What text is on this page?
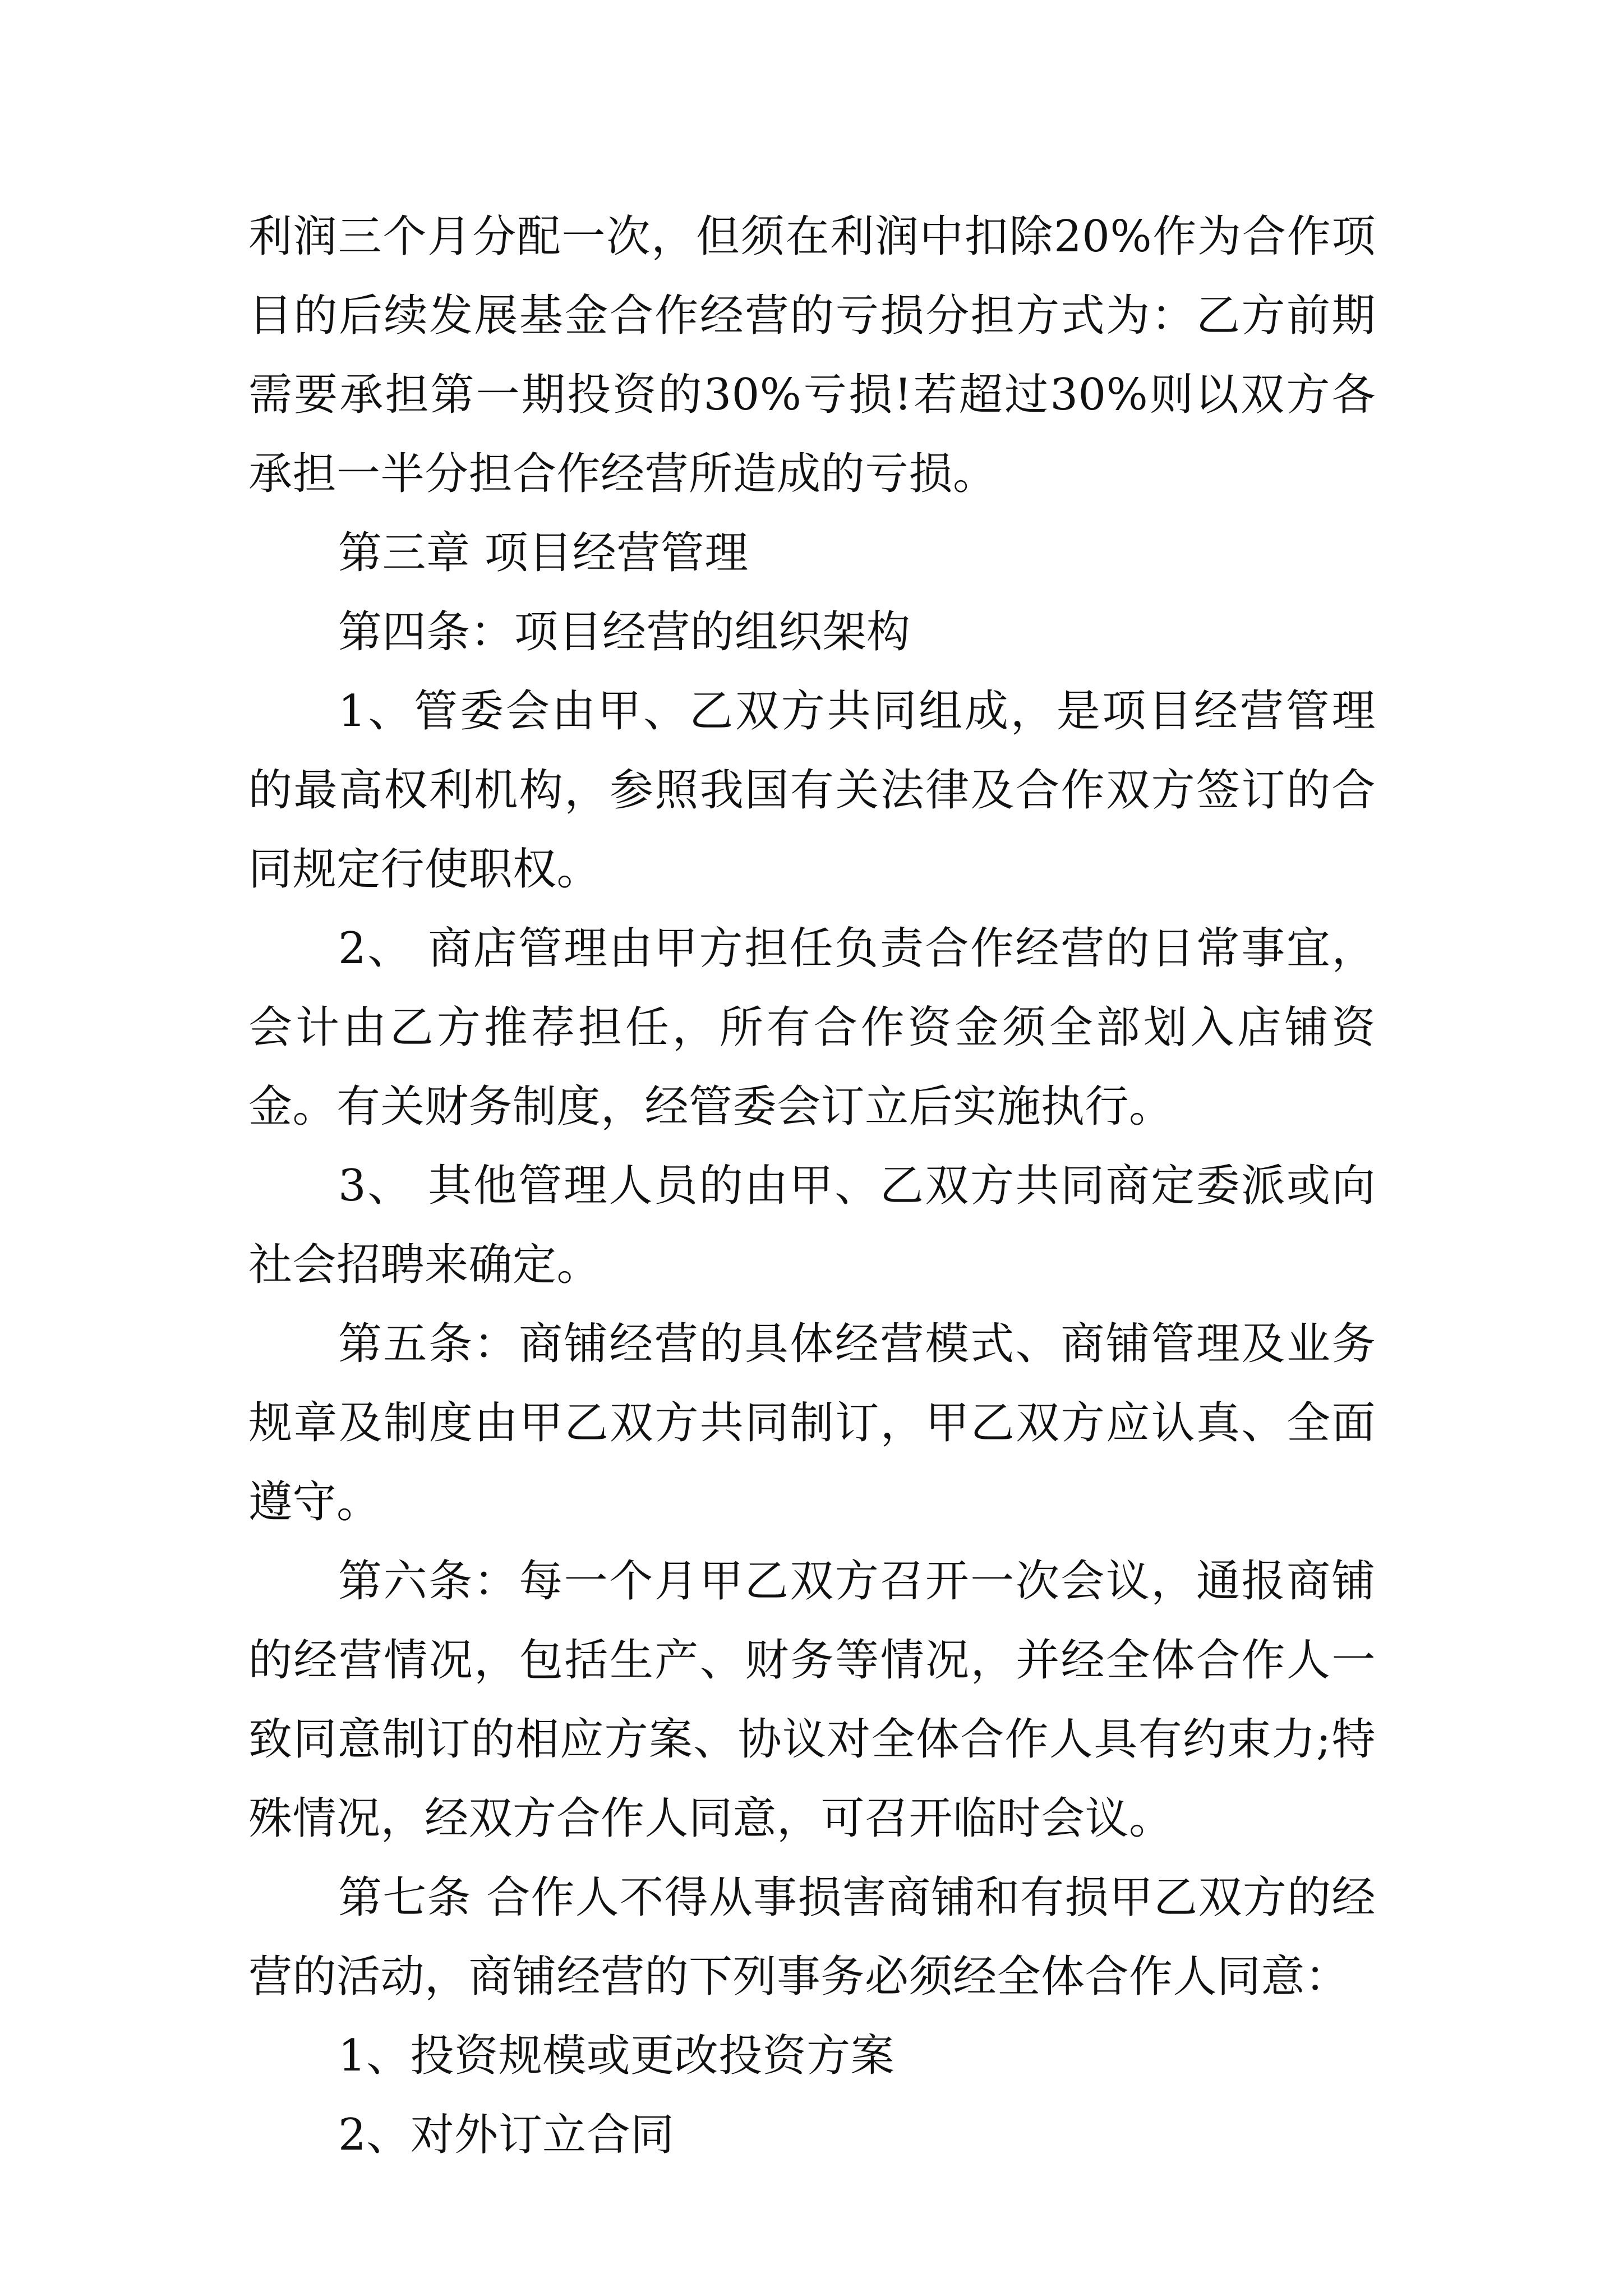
利润三个月分配一次，但须在利润中扣除20%作为合作项目的后续发展基金合作经营的亏损分担方式为：乙方前期需要承担第一期投资的30%亏损!若超过30%则以双方各承担一半分担合作经营所造成的亏损。

第三章 项目经营管理

第四条：项目经营的组织架构

1、管委会由甲、乙双方共同组成，是项目经营管理的最高权利机构，参照我国有关法律及合作双方签订的合同规定行使职权。

2、 商店管理由甲方担任负责合作经营的日常事宜，会计由乙方推荐担任，所有合作资金须全部划入店铺资金。有关财务制度，经管委会订立后实施执行。

3、 其他管理人员的由甲、乙双方共同商定委派或向社会招聘来确定。

第五条：商铺经营的具体经营模式、商铺管理及业务规章及制度由甲乙双方共同制订，甲乙双方应认真、全面遵守。

第六条：每一个月甲乙双方召开一次会议，通报商铺的经营情况，包括生产、财务等情况，并经全体合作人一致同意制订的相应方案、协议对全体合作人具有约束力;特殊情况，经双方合作人同意，可召开临时会议。

第七条 合作人不得从事损害商铺和有损甲乙双方的经营的活动，商铺经营的下列事务必须经全体合作人同意：

1、投资规模或更改投资方案

2、对外订立合同
